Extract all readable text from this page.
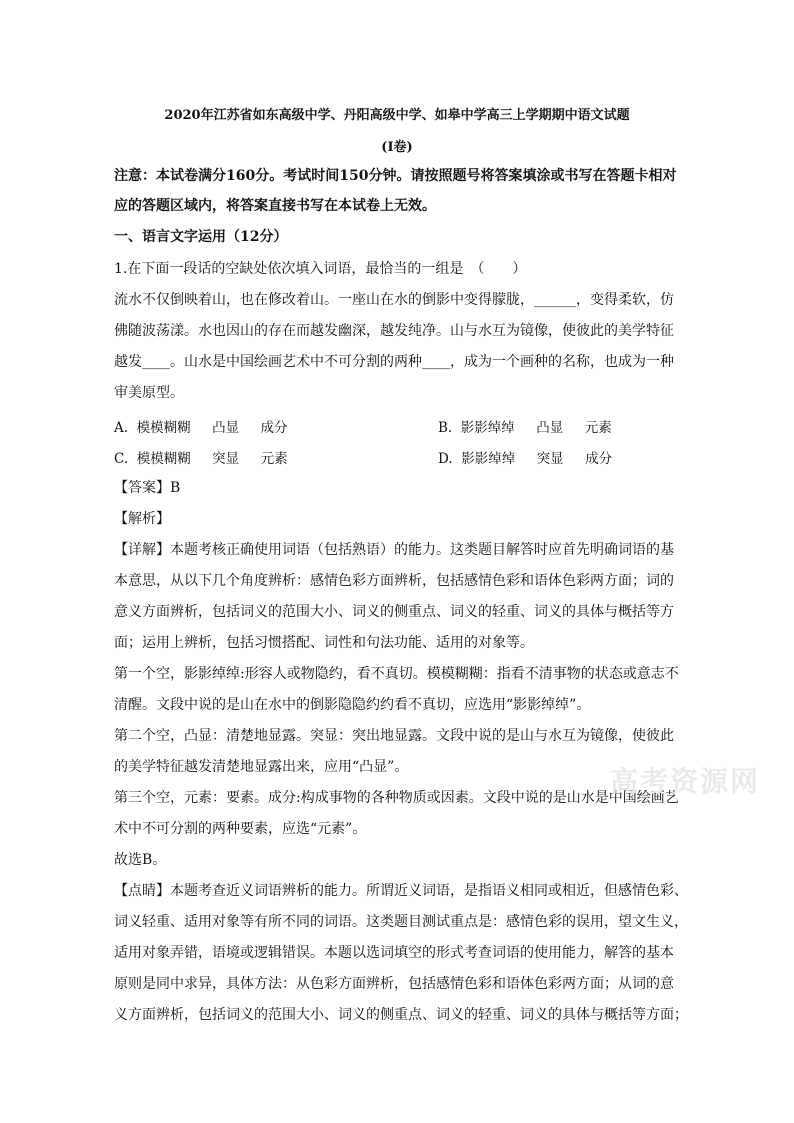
2020年江苏省如东高级中学、丹阳高级中学、如皋中学高三上学期期中语文试题
(I卷)
注意：本试卷满分160分。考试时间150分钟。请按照题号将答案填涂或书写在答题卡相对
应的答题区域内，将答案直接书写在本试卷上无效。
一、语言文字运用（12分）
1.在下面一段话的空缺处依次填入词语，最恰当的一组是　（　　）
流水不仅倒映着山，也在修改着山。一座山在水的倒影中变得朦胧，______，变得柔软，仿
佛随波荡漾。水也因山的存在而越发幽深，越发纯净。山与水互为镜像，使彼此的美学特征
越发____。山水是中国绘画艺术中不可分割的两种____，成为一个画种的名称，也成为一种
审美原型。
A.  模模糊糊     凸显     成分	B.  影影绰绰     凸显     元素
C.  模模糊糊     突显     元素	D.  影影绰绰     突显     成分
【答案】B
【解析】
【详解】本题考核正确使用词语（包括熟语）的能力。这类题目解答时应首先明确词语的基
本意思，从以下几个角度辨析：感情色彩方面辨析，包括感情色彩和语体色彩两方面；词的
意义方面辨析，包括词义的范围大小、词义的侧重点、词义的轻重、词义的具体与概括等方
面；运用上辨析，包括习惯搭配、词性和句法功能、适用的对象等。
第一个空，影影绰绰:形容人或物隐约，看不真切。模模糊糊：指看不清事物的状态或意志不
清醒。文段中说的是山在水中的倒影隐隐约约看不真切，应选用“影影绰绰”。
第二个空，凸显：清楚地显露。突显：突出地显露。文段中说的是山与水互为镜像，使彼此
的美学特征越发清楚地显露出来，应用“凸显”。
第三个空，元素：要素。成分:构成事物的各种物质或因素。文段中说的是山水是中国绘画艺
术中不可分割的两种要素，应选“元素”。
故选B。
【点睛】本题考查近义词语辨析的能力。所谓近义词语，是指语义相同或相近，但感情色彩、
词义轻重、适用对象等有所不同的词语。这类题目测试重点是：感情色彩的误用，望文生义，
适用对象弄错，语境或逻辑错误。本题以选词填空的形式考查词语的使用能力，解答的基本
原则是同中求异，具体方法：从色彩方面辨析，包括感情色彩和语体色彩两方面；从词的意
义方面辨析，包括词义的范围大小、词义的侧重点、词义的轻重、词义的具体与概括等方面；
高考资源网
